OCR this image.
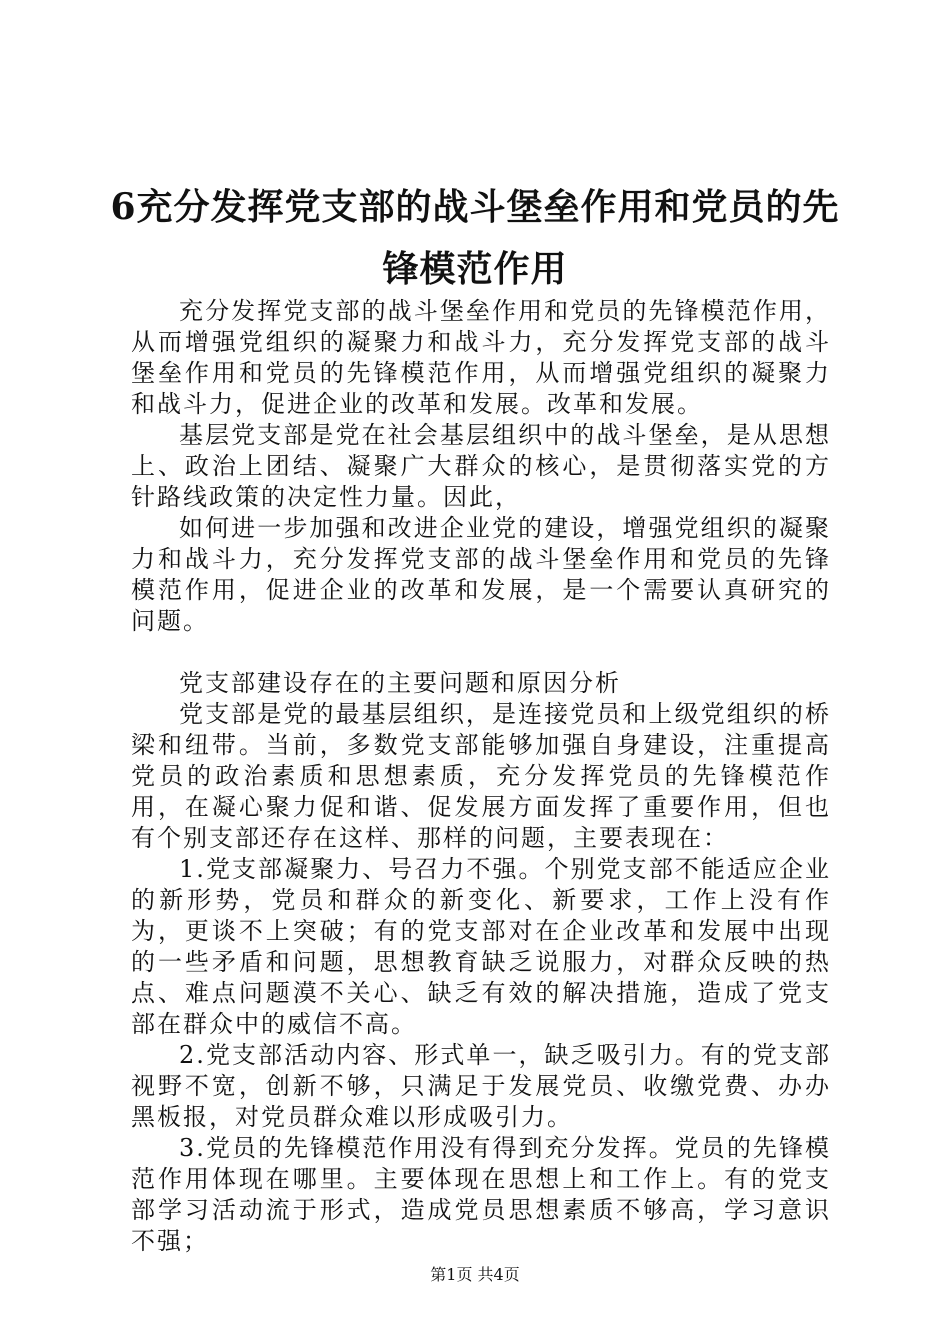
6充分发挥党支部的战斗堡垒作用和党员的先锋模范作用

充分发挥党支部的战斗堡垒作用和党员的先锋模范作用，从而增强党组织的凝聚力和战斗力，充分发挥党支部的战斗堡垒作用和党员的先锋模范作用，从而增强党组织的凝聚力和战斗力，促进企业的改革和发展。改革和发展。

基层党支部是党在社会基层组织中的战斗堡垒，是从思想上、政治上团结、凝聚广大群众的核心，是贯彻落实党的方针路线政策的决定性力量。因此，

如何进一步加强和改进企业党的建设，增强党组织的凝聚力和战斗力，充分发挥党支部的战斗堡垒作用和党员的先锋模范作用，促进企业的改革和发展，是一个需要认真研究的问题。

党支部建设存在的主要问题和原因分析

党支部是党的最基层组织，是连接党员和上级党组织的桥梁和纽带。当前，多数党支部能够加强自身建设，注重提高党员的政治素质和思想素质，充分发挥党员的先锋模范作用，在凝心聚力促和谐、促发展方面发挥了重要作用，但也有个别支部还存在这样、那样的问题，主要表现在：

1.党支部凝聚力、号召力不强。个别党支部不能适应企业的新形势，党员和群众的新变化、新要求，工作上没有作为，更谈不上突破；有的党支部对在企业改革和发展中出现的一些矛盾和问题，思想教育缺乏说服力，对群众反映的热点、难点问题漠不关心、缺乏有效的解决措施，造成了党支部在群众中的威信不高。

2.党支部活动内容、形式单一，缺乏吸引力。有的党支部视野不宽，创新不够，只满足于发展党员、收缴党费、办办黑板报，对党员群众难以形成吸引力。

3.党员的先锋模范作用没有得到充分发挥。党员的先锋模范作用体现在哪里。主要体现在思想上和工作上。有的党支部学习活动流于形式，造成党员思想素质不够高，学习意识不强；

第1页 共4页
